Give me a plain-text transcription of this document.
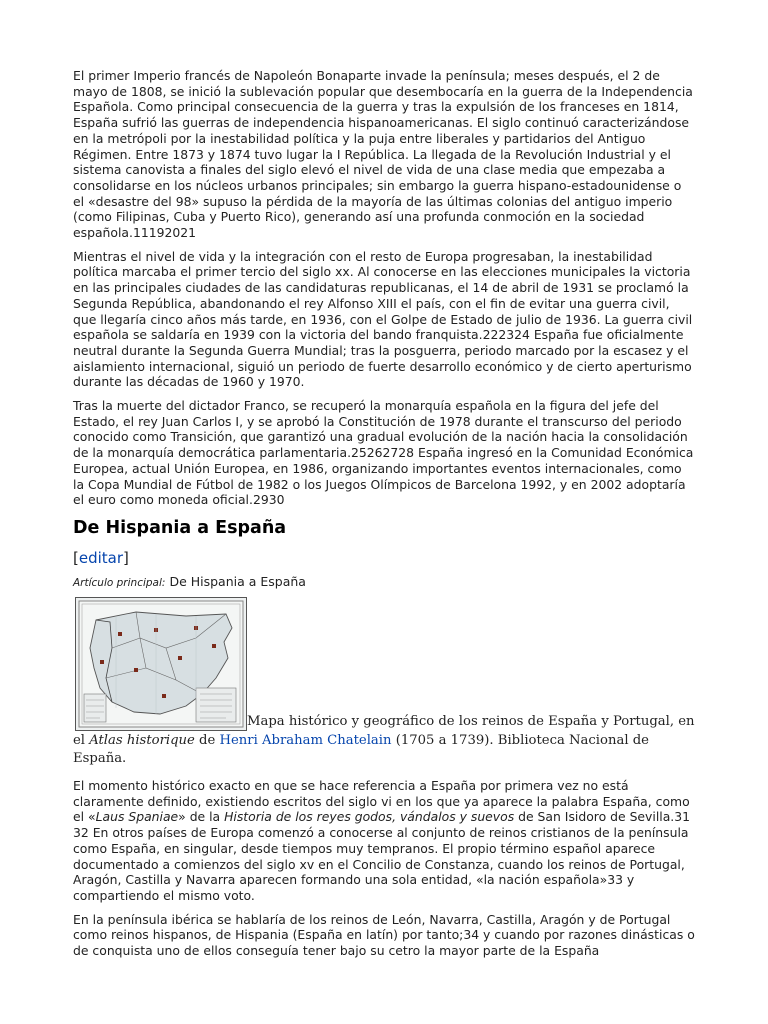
El primer Imperio francés de Napoleón Bonaparte invade la península; meses después, el 2 de mayo de 1808, se inició la sublevación popular que desembocaría en la guerra de la Independencia Española. Como principal consecuencia de la guerra y tras la expulsión de los franceses en 1814, España sufrió las guerras de independencia hispanoamericanas. El siglo continuó caracterizándose en la metrópoli por la inestabilidad política y la puja entre liberales y partidarios del Antiguo Régimen. Entre 1873 y 1874 tuvo lugar la I República. La llegada de la Revolución Industrial y el sistema canovista a finales del siglo elevó el nivel de vida de una clase media que empezaba a consolidarse en los núcleos urbanos principales; sin embargo la guerra hispano-estadounidense o el «desastre del 98» supuso la pérdida de la mayoría de las últimas colonias del antiguo imperio (como Filipinas, Cuba y Puerto Rico), generando así una profunda conmoción en la sociedad española.11192021

Mientras el nivel de vida y la integración con el resto de Europa progresaban, la inestabilidad política marcaba el primer tercio del siglo xx. Al conocerse en las elecciones municipales la victoria en las principales ciudades de las candidaturas republicanas, el 14 de abril de 1931 se proclamó la Segunda República, abandonando el rey Alfonso XIII el país, con el fin de evitar una guerra civil, que llegaría cinco años más tarde, en 1936, con el Golpe de Estado de julio de 1936. La guerra civil española se saldaría en 1939 con la victoria del bando franquista.222324 España fue oficialmente neutral durante la Segunda Guerra Mundial; tras la posguerra, periodo marcado por la escasez y el aislamiento internacional, siguió un periodo de fuerte desarrollo económico y de cierto aperturismo durante las décadas de 1960 y 1970.

Tras la muerte del dictador Franco, se recuperó la monarquía española en la figura del jefe del Estado, el rey Juan Carlos I, y se aprobó la Constitución de 1978 durante el transcurso del periodo conocido como Transición, que garantizó una gradual evolución de la nación hacia la consolidación de la monarquía democrática parlamentaria.25262728 España ingresó en la Comunidad Económica Europea, actual Unión Europea, en 1986, organizando importantes eventos internacionales, como la Copa Mundial de Fútbol de 1982 o los Juegos Olímpicos de Barcelona 1992, y en 2002 adoptaría el euro como moneda oficial.2930

De Hispania a España
[editar]
Artículo principal: De Hispania a España
Mapa histórico y geográfico de los reinos de España y Portugal, en
el Atlas historique de Henri Abraham Chatelain (1705 a 1739). Biblioteca Nacional de España.

El momento histórico exacto en que se hace referencia a España por primera vez no está claramente definido, existiendo escritos del siglo vi en los que ya aparece la palabra España, como el «Laus Spaniae» de la Historia de los reyes godos, vándalos y suevos de San Isidoro de Sevilla.31 32 En otros países de Europa comenzó a conocerse al conjunto de reinos cristianos de la península como España, en singular, desde tiempos muy tempranos. El propio término español aparece documentado a comienzos del siglo xv en el Concilio de Constanza, cuando los reinos de Portugal, Aragón, Castilla y Navarra aparecen formando una sola entidad, «la nación española»33 y compartiendo el mismo voto.

En la península ibérica se hablaría de los reinos de León, Navarra, Castilla, Aragón y de Portugal como reinos hispanos, de Hispania (España en latín) por tanto;34 y cuando por razones dinásticas o de conquista uno de ellos conseguía tener bajo su cetro la mayor parte de la España
